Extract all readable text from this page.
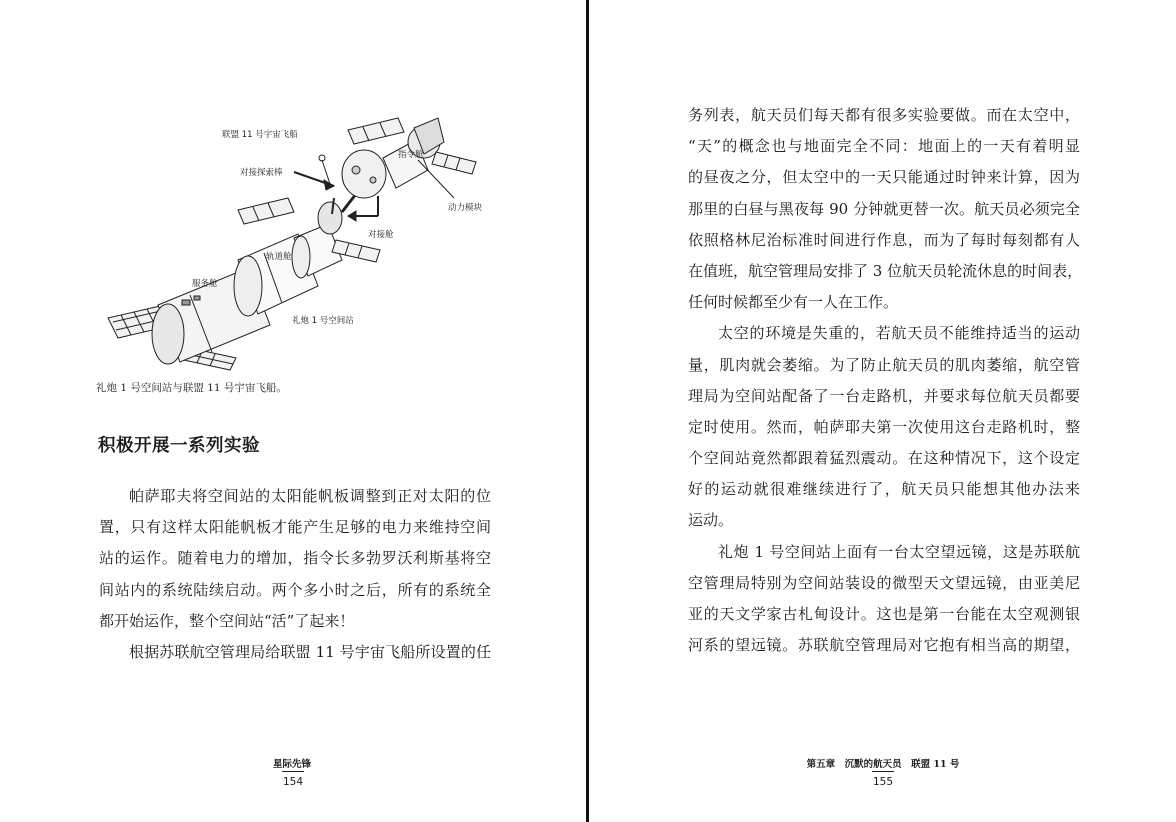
联盟 11 号宇宙飞船
对接探索棒
指令舱
动力模块
对接舱
轨道舱
服务舱
礼炮 1 号空间站
礼炮 1 号空间站与联盟 11 号宇宙飞船。
积极开展一系列实验
帕萨耶夫将空间站的太阳能帆板调整到正对太阳的位
置，只有这样太阳能帆板才能产生足够的电力来维持空间
站的运作。随着电力的增加，指令长多勃罗沃利斯基将空
间站内的系统陆续启动。两个多小时之后，所有的系统全
都开始运作，整个空间站“活”了起来！
根据苏联航空管理局给联盟 11 号宇宙飞船所设置的任
星际先锋
154
务列表，航天员们每天都有很多实验要做。而在太空中，
“天”的概念也与地面完全不同：地面上的一天有着明显
的昼夜之分，但太空中的一天只能通过时钟来计算，因为
那里的白昼与黑夜每 90 分钟就更替一次。航天员必须完全
依照格林尼治标准时间进行作息，而为了每时每刻都有人
在值班，航空管理局安排了 3 位航天员轮流休息的时间表，
任何时候都至少有一人在工作。
太空的环境是失重的，若航天员不能维持适当的运动
量，肌肉就会萎缩。为了防止航天员的肌肉萎缩，航空管
理局为空间站配备了一台走路机，并要求每位航天员都要
定时使用。然而，帕萨耶夫第一次使用这台走路机时，整
个空间站竟然都跟着猛烈震动。在这种情况下，这个设定
好的运动就很难继续进行了，航天员只能想其他办法来
运动。
礼炮 1 号空间站上面有一台太空望远镜，这是苏联航
空管理局特别为空间站装设的微型天文望远镜，由亚美尼
亚的天文学家古札甸设计。这也是第一台能在太空观测银
河系的望远镜。苏联航空管理局对它抱有相当高的期望，
第五章　沉默的航天员　联盟 11 号
155
